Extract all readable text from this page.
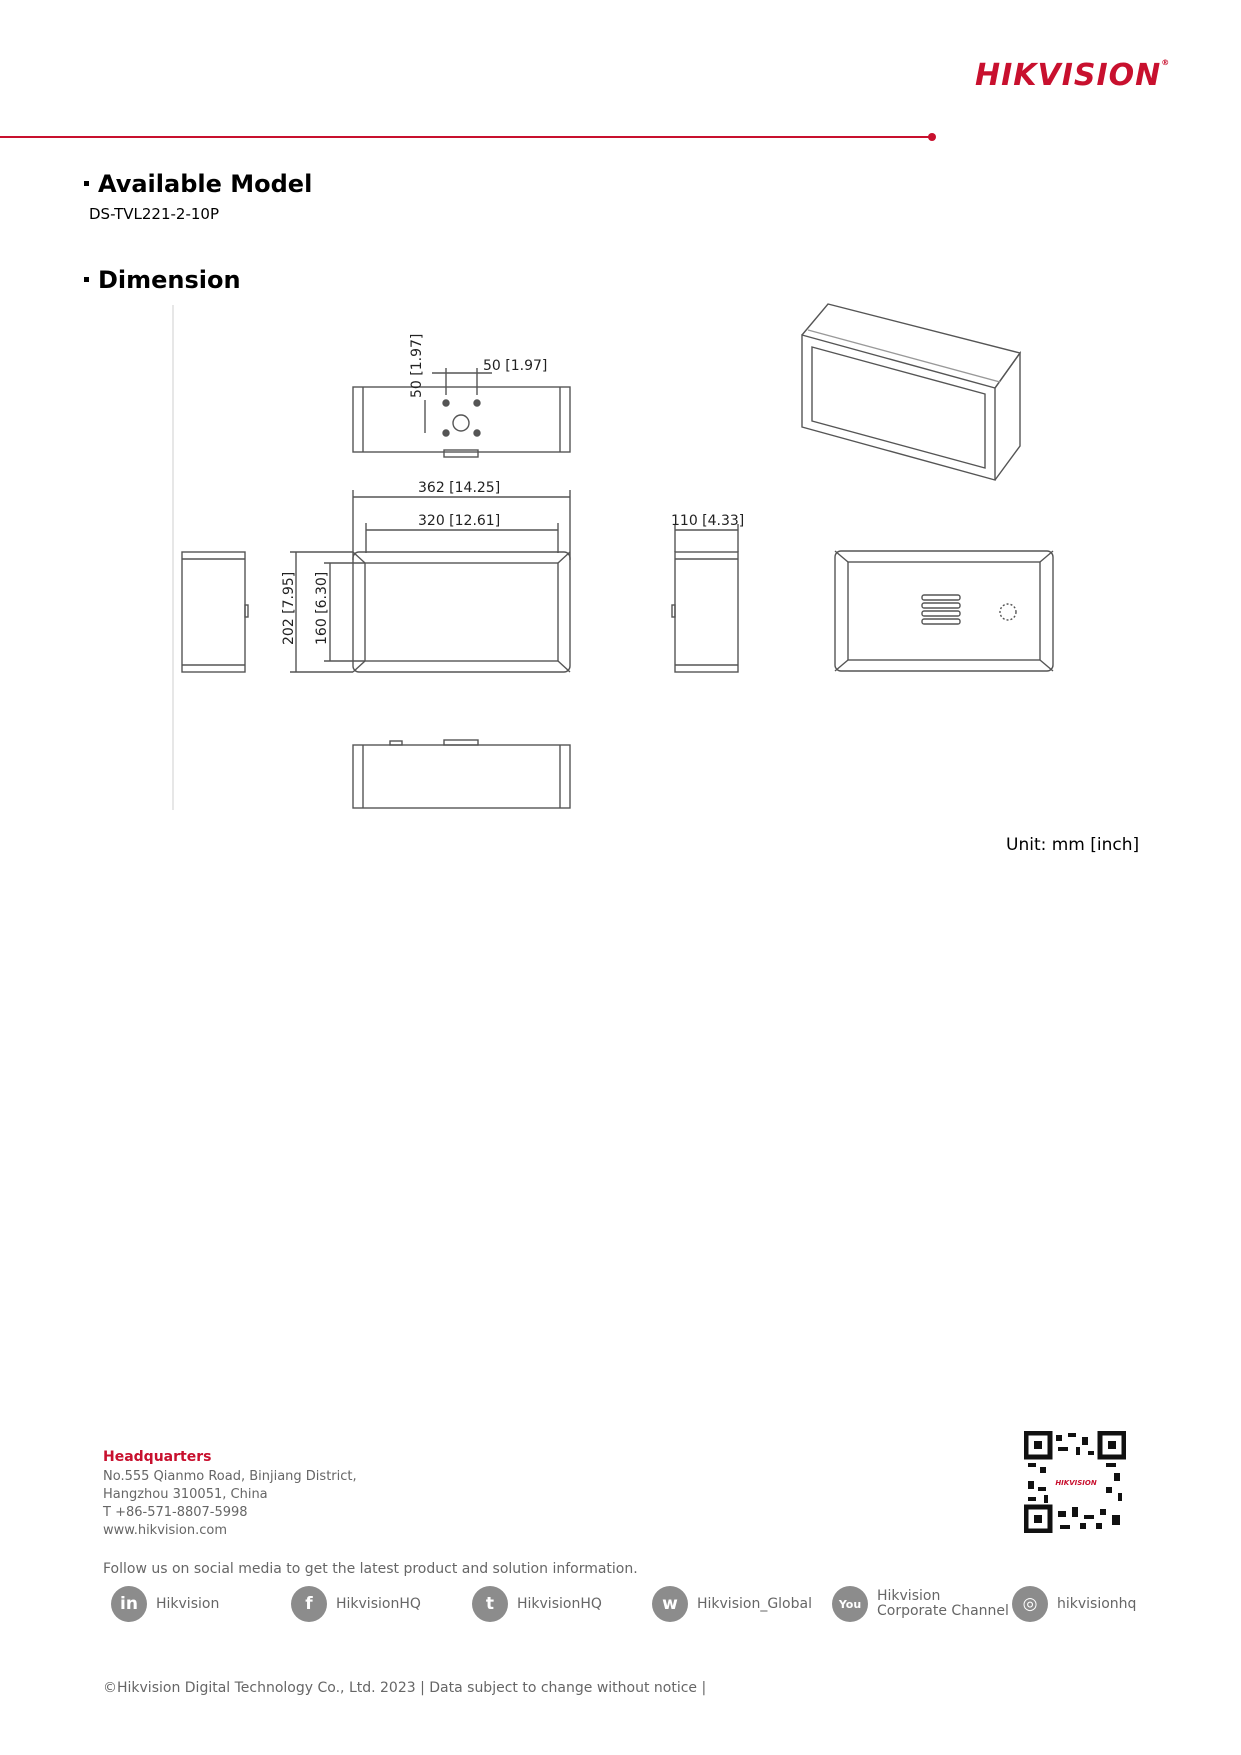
HIKVISION®
Available Model
DS-TVL221-2-10P
Dimension
50 [1.97]
50 [1.97]
362 [14.25]
320 [12.61]
202 [7.95] 160 [6.30]
110 [4.33]
Unit: mm [inch]
Headquarters
No.555 Qianmo Road, Binjiang District,
Hangzhou 310051, China
T +86-571-8807-5998
www.hikvision.com
HIKVISION
Follow us on social media to get the latest product and solution information.
in	Hikvision	f	HikvisionHQ	t	HikvisionHQ	w	Hikvision_Global	You	Hikvision
Corporate Channel ◎	hikvisionhq
©Hikvision Digital Technology Co., Ltd. 2023 | Data subject to change without notice |
